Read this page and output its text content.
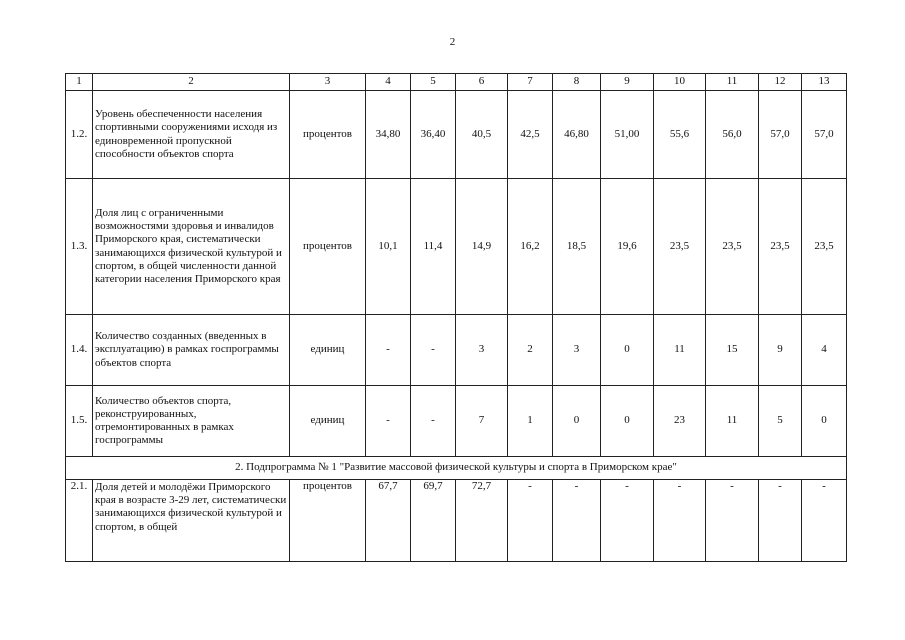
2
1	2	3	4	5	6	7	8	9	10	11	12	13
1.2.	Уровень обеспеченности населения спортивными сооружениями исходя из единовременной пропускной способности объектов спорта	процентов	34,80	36,40	40,5	42,5	46,80	51,00	55,6	56,0	57,0	57,0
1.3.	Доля лиц с ограниченными возможностями здоровья и инвалидов Приморского края, систематически занимающихся физической культурой и спортом, в общей численности данной категории населения Приморского края	процентов	10,1	11,4	14,9	16,2	18,5	19,6	23,5	23,5	23,5	23,5
1.4.	Количество созданных (введенных в эксплуатацию) в рамках госпрограммы объектов спорта	единиц	-	-	3	2	3	0	11	15	9	4
1.5.	Количество объектов спорта, реконструированных, отремонтированных в рамках госпрограммы	единиц	-	-	7	1	0	0	23	11	5	0
2. Подпрограмма № 1 "Развитие массовой физической культуры и спорта в Приморском крае"												
2.1.	Доля детей и молодёжи Приморского края в возрасте 3-29 лет, систематически занимающихся физической культурой и спортом, в общей	процентов	67,7	69,7	72,7	-	-	-	-	-	-	-
